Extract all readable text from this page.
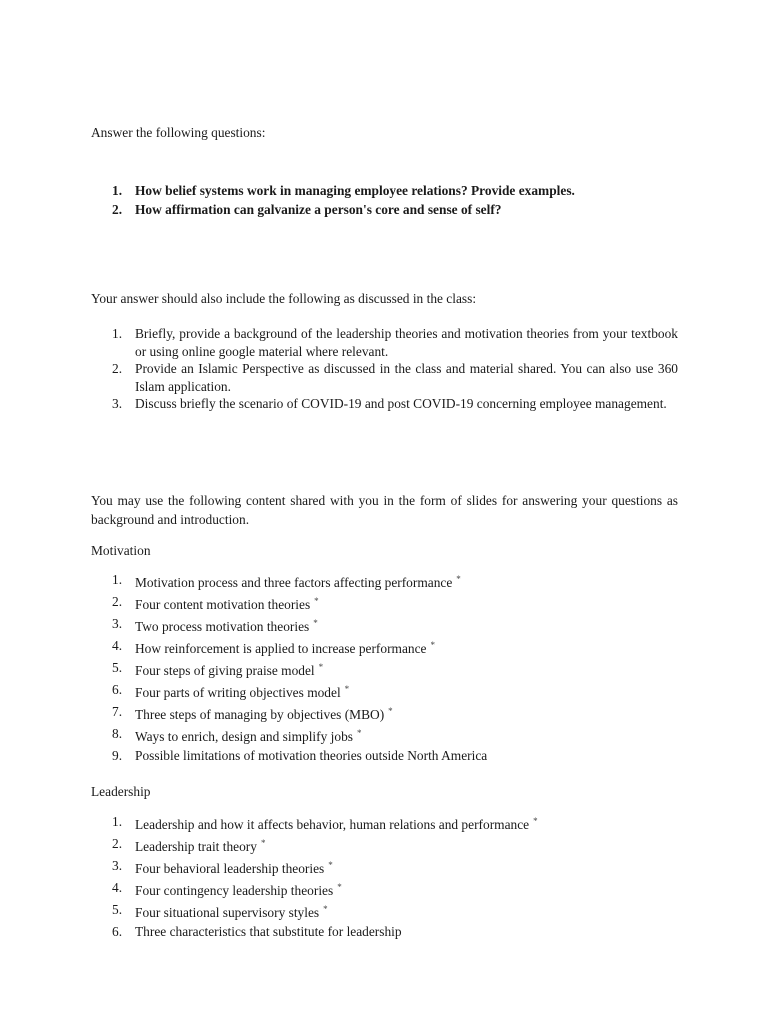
Answer the following questions:

1. How belief systems work in managing employee relations? Provide examples.
2. How affirmation can galvanize a person's core and sense of self?

Your answer should also include the following as discussed in the class:

1. Briefly, provide a background of the leadership theories and motivation theories from your textbook or using online google material where relevant.
2. Provide an Islamic Perspective as discussed in the class and material shared. You can also use 360 Islam application.
3. Discuss briefly the scenario of COVID-19 and post COVID-19 concerning employee management.

You may use the following content shared with you in the form of slides for answering your questions as background and introduction.

Motivation

1. Motivation process and three factors affecting performance *
2. Four content motivation theories *
3. Two process motivation theories *
4. How reinforcement is applied to increase performance *
5. Four steps of giving praise model *
6. Four parts of writing objectives model *
7. Three steps of managing by objectives (MBO) *
8. Ways to enrich, design and simplify jobs *
9. Possible limitations of motivation theories outside North America

Leadership

1. Leadership and how it affects behavior, human relations and performance *
2. Leadership trait theory *
3. Four behavioral leadership theories *
4. Four contingency leadership theories *
5. Four situational supervisory styles *
6. Three characteristics that substitute for leadership
